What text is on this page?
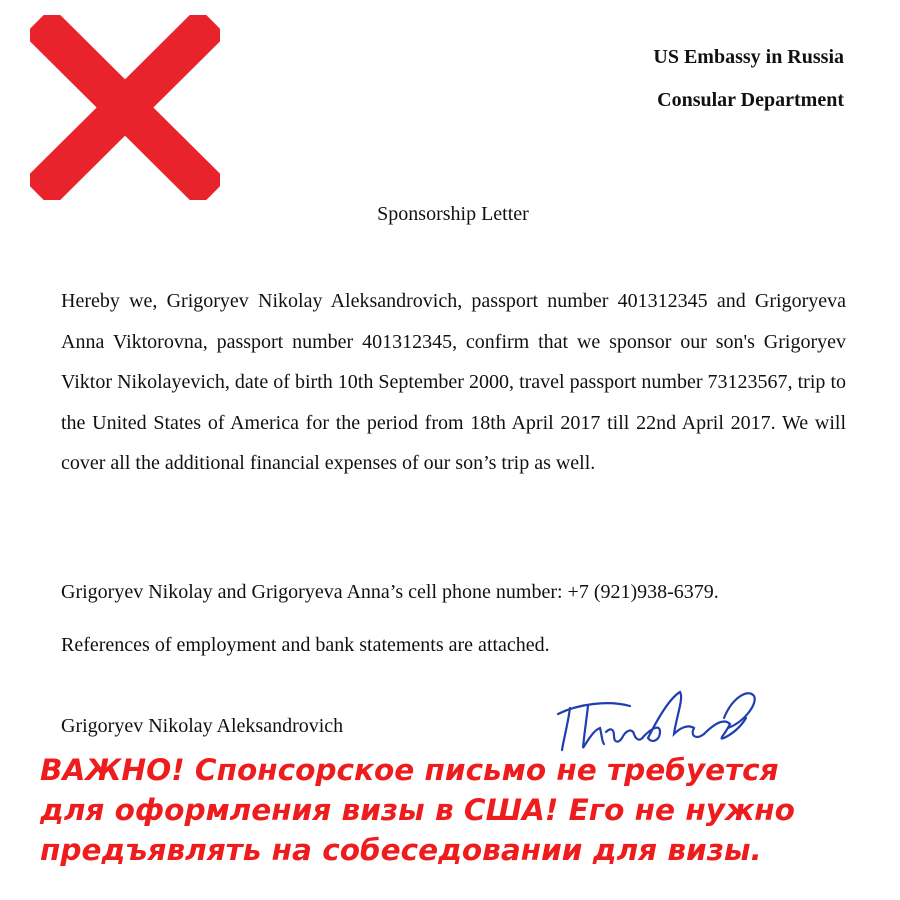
US Embassy in Russia
Consular Department
Sponsorship Letter
Hereby we, Grigoryev Nikolay Aleksandrovich, passport number 401312345 and Grigoryeva Anna Viktorovna, passport number 401312345, confirm that we sponsor our son's Grigoryev Viktor Nikolayevich, date of birth 10th September 2000, travel passport number 73123567, trip to the United States of America for the period from 18th April 2017 till 22nd April 2017. We will cover all the additional financial expenses of our son’s trip as well.
Grigoryev Nikolay and Grigoryeva Anna’s cell phone number: +7 (921)938-6379.
References of employment and bank statements are attached.
Grigoryev Nikolay Aleksandrovich
ВАЖНО! Спонсорское письмо не требуется
для оформления визы в США! Его не нужно
предъявлять на собеседовании для визы.
